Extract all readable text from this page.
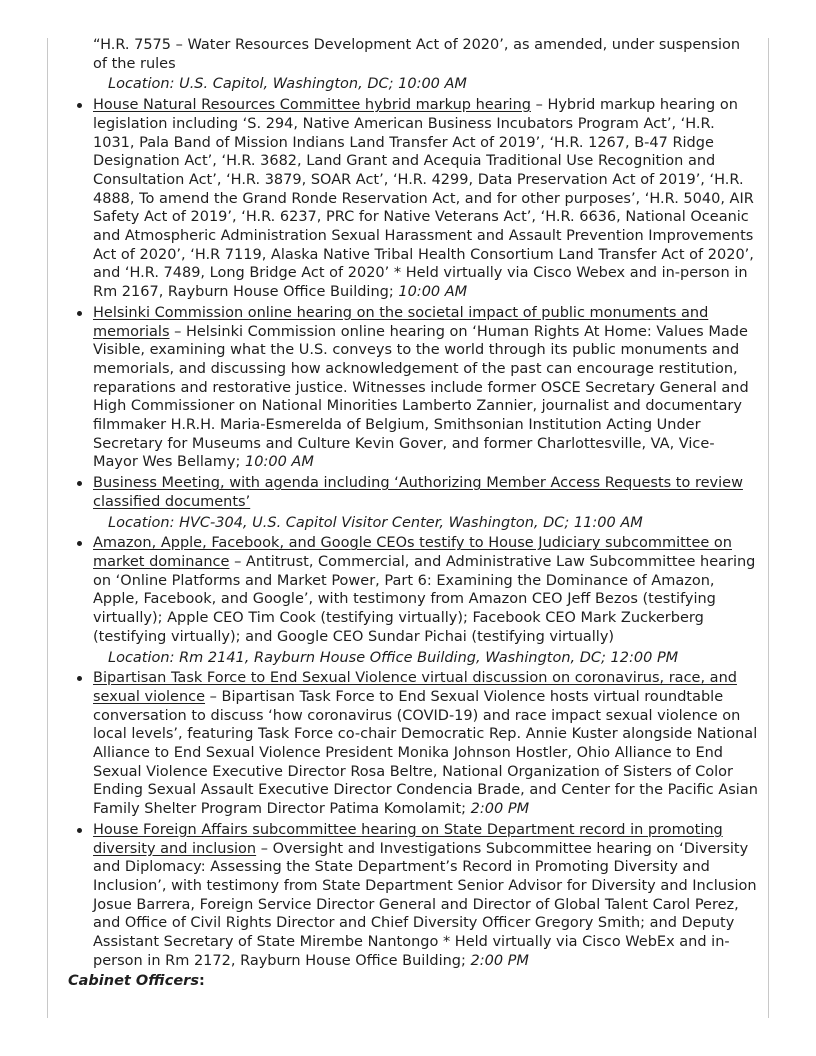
“H.R. 7575 – Water Resources Development Act of 2020’, as amended, under suspension of the rules

Location: U.S. Capitol, Washington, DC; 10:00 AM
House Natural Resources Committee hybrid markup hearing – Hybrid markup hearing on legislation including ‘S. 294, Native American Business Incubators Program Act’, ‘H.R. 1031, Pala Band of Mission Indians Land Transfer Act of 2019’, ‘H.R. 1267, B-47 Ridge Designation Act’, ‘H.R. 3682, Land Grant and Acequia Traditional Use Recognition and Consultation Act’, ‘H.R. 3879, SOAR Act’, ‘H.R. 4299, Data Preservation Act of 2019’, ‘H.R. 4888, To amend the Grand Ronde Reservation Act, and for other purposes’, ‘H.R. 5040, AIR Safety Act of 2019’, ‘H.R. 6237, PRC for Native Veterans Act’, ‘H.R. 6636, National Oceanic and Atmospheric Administration Sexual Harassment and Assault Prevention Improvements Act of 2020’, ‘H.R 7119, Alaska Native Tribal Health Consortium Land Transfer Act of 2020’, and ‘H.R. 7489, Long Bridge Act of 2020’ * Held virtually via Cisco Webex and in-person in Rm 2167, Rayburn House Office Building; 10:00 AM
Helsinki Commission online hearing on the societal impact of public monuments and memorials – Helsinki Commission online hearing on ‘Human Rights At Home: Values Made Visible, examining what the U.S. conveys to the world through its public monuments and memorials, and discussing how acknowledgement of the past can encourage restitution, reparations and restorative justice. Witnesses include former OSCE Secretary General and High Commissioner on National Minorities Lamberto Zannier, journalist and documentary filmmaker H.R.H. Maria-Esmerelda of Belgium, Smithsonian Institution Acting Under Secretary for Museums and Culture Kevin Gover, and former Charlottesville, VA, Vice-Mayor Wes Bellamy; 10:00 AM
Business Meeting, with agenda including ‘Authorizing Member Access Requests to review classified documents’
Location: HVC-304, U.S. Capitol Visitor Center, Washington, DC; 11:00 AM
Amazon, Apple, Facebook, and Google CEOs testify to House Judiciary subcommittee on market dominance – Antitrust, Commercial, and Administrative Law Subcommittee hearing on ‘Online Platforms and Market Power, Part 6: Examining the Dominance of Amazon, Apple, Facebook, and Google’, with testimony from Amazon CEO Jeff Bezos (testifying virtually); Apple CEO Tim Cook (testifying virtually); Facebook CEO Mark Zuckerberg (testifying virtually); and Google CEO Sundar Pichai (testifying virtually)
Location: Rm 2141, Rayburn House Office Building, Washington, DC; 12:00 PM
Bipartisan Task Force to End Sexual Violence virtual discussion on coronavirus, race, and sexual violence – Bipartisan Task Force to End Sexual Violence hosts virtual roundtable conversation to discuss ‘how coronavirus (COVID-19) and race impact sexual violence on local levels’, featuring Task Force co-chair Democratic Rep. Annie Kuster alongside National Alliance to End Sexual Violence President Monika Johnson Hostler, Ohio Alliance to End Sexual Violence Executive Director Rosa Beltre, National Organization of Sisters of Color Ending Sexual Assault Executive Director Condencia Brade, and Center for the Pacific Asian Family Shelter Program Director Patima Komolamit; 2:00 PM
House Foreign Affairs subcommittee hearing on State Department record in promoting diversity and inclusion – Oversight and Investigations Subcommittee hearing on ‘Diversity and Diplomacy: Assessing the State Department’s Record in Promoting Diversity and Inclusion’, with testimony from State Department Senior Advisor for Diversity and Inclusion Josue Barrera, Foreign Service Director General and Director of Global Talent Carol Perez, and Office of Civil Rights Director and Chief Diversity Officer Gregory Smith; and Deputy Assistant Secretary of State Mirembe Nantongo * Held virtually via Cisco WebEx and in-person in Rm 2172, Rayburn House Office Building; 2:00 PM
Cabinet Officers:
